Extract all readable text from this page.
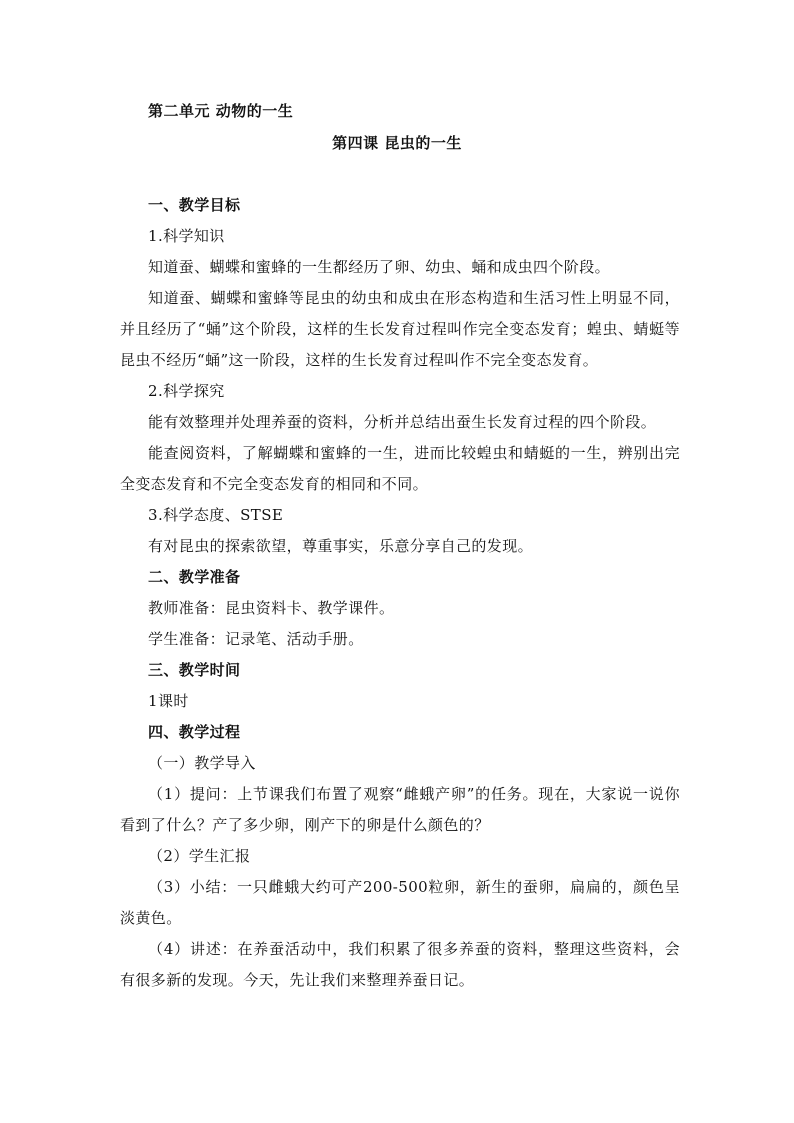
第二单元 动物的一生
第四课 昆虫的一生
一、教学目标
1.科学知识
知道蚕、蝴蝶和蜜蜂的一生都经历了卵、幼虫、蛹和成虫四个阶段。
知道蚕、蝴蝶和蜜蜂等昆虫的幼虫和成虫在形态构造和生活习性上明显不同，并且经历了“蛹”这个阶段，这样的生长发育过程叫作完全变态发育；蝗虫、蜻蜓等昆虫不经历“蛹”这一阶段，这样的生长发育过程叫作不完全变态发育。
2.科学探究
能有效整理并处理养蚕的资料，分析并总结出蚕生长发育过程的四个阶段。
能查阅资料，了解蝴蝶和蜜蜂的一生，进而比较蝗虫和蜻蜓的一生，辨别出完全变态发育和不完全变态发育的相同和不同。
3.科学态度、STSE
有对昆虫的探索欲望，尊重事实，乐意分享自己的发现。
二、教学准备
教师准备：昆虫资料卡、教学课件。
学生准备：记录笔、活动手册。
三、教学时间
1课时
四、教学过程
（一）教学导入
（1）提问：上节课我们布置了观察“雌蛾产卵”的任务。现在，大家说一说你看到了什么？产了多少卵，刚产下的卵是什么颜色的？
（2）学生汇报
（3）小结：一只雌蛾大约可产200-500粒卵，新生的蚕卵，扁扁的，颜色呈淡黄色。
（4）讲述：在养蚕活动中，我们积累了很多养蚕的资料，整理这些资料，会有很多新的发现。今天，先让我们来整理养蚕日记。
